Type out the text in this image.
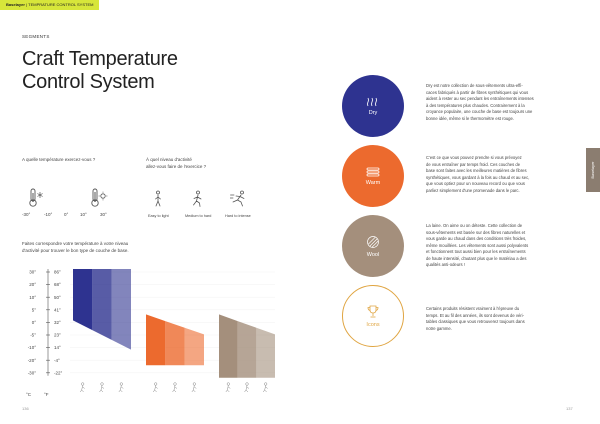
Baselayer | TEMPRATURE CONTROL SYSTEM
SEGMENTS
Craft Temperature
Control System
A quelle température exercez-vous ?	À quel niveau d'activité
allez-vous faire de l'exercice ?
-30°	-10°	0°	10°	30°	Easy to light	Medium to hard	Hard to intense
Faites correspondre votre température à votre niveau
d'activité pour trouver le bon type de couche de base.
30°	86°
20°	68°
10°	50°
5°	41°
0°	32°
-5°	23°
-10°	14°
-20°	-4°
-30°	-22°
°C	°F
Dry
Dry est notre collection de sous-vêtements ultra-effi-
caces fabriqués à partir de fibres synthétiques qui vous
aident à rester au sec pendant les entraînements intenses
à des températures plus chaudes. Contrairement à la
croyance populaire, une couche de base est toujours une
bonne idée, même si le thermomètre est rouge.
Warm
C'est ce que vous pouvez prendre si vous prévoyez
de vous entraîner par temps froid. Ces couches de
base sont faites avec les meilleures matières de fibres
synthétiques, vous gardant à la fois au chaud et au sec,
que vous optiez pour un nouveau record ou que vous
parliez simplement d'une promenade dans le parc.
Wool
La laine. On aime ou on déteste. Cette collection de
sous-vêtements est basée sur des fibres naturelles et
vous garde au chaud dans des conditions très froides,
même mouillées. Les vêtements sont aussi polyvalents
et fonctionnent tout aussi bien pour les entraînements
de haute intensité, d'autant plus que le matériau a des
qualités anti-odeurs !
Icons
Certains produits résistent vraiment à l'épreuve du
temps. Et au fil des années, ils sont devenus de véri-
tables classiques que vous retrouverez toujours dans
notre gamme.
Baselayer
136	137
